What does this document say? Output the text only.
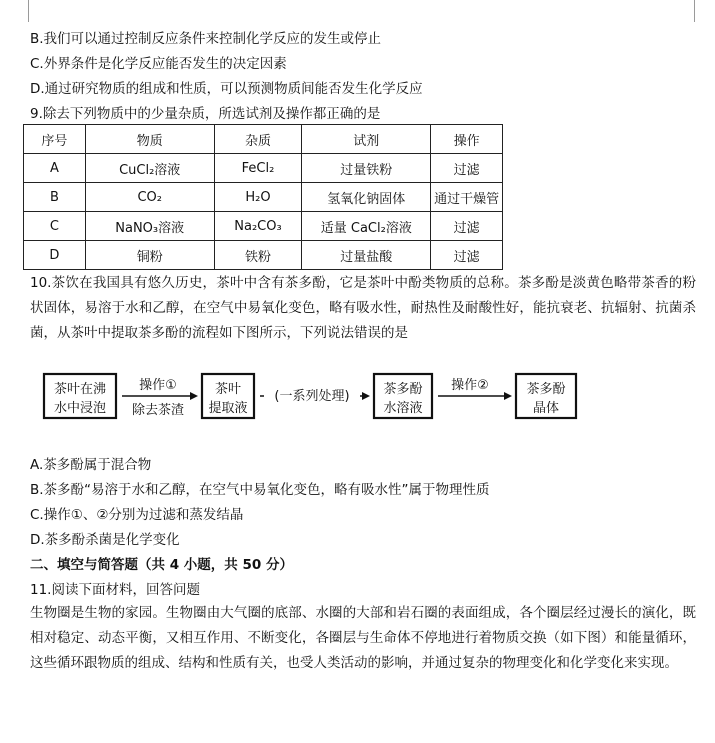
B.我们可以通过控制反应条件来控制化学反应的发生或停止
C.外界条件是化学反应能否发生的决定因素
D.通过研究物质的组成和性质，可以预测物质间能否发生化学反应
9.除去下列物质中的少量杂质，所选试剂及操作都正确的是
序号	物质	杂质	试剂	操作
A	CuCl₂溶液	FeCl₂	过量铁粉	过滤
B	CO₂	H₂O	氢氧化钠固体	通过干燥管
C	NaNO₃溶液	Na₂CO₃	适量 CaCl₂溶液	过滤
D	铜粉	铁粉	过量盐酸	过滤
10.茶饮在我国具有悠久历史，茶叶中含有茶多酚，它是茶叶中酚类物质的总称。茶多酚是淡黄色略带茶香的粉状固体，易溶于水和乙醇，在空气中易氧化变色，略有吸水性，耐热性及耐酸性好，能抗衰老、抗辐射、抗菌杀菌，从茶叶中提取茶多酚的流程如下图所示，下列说法错误的是
茶叶在沸
水中浸泡
操作①
除去茶渣
茶叶
提取液
(一系列处理)	茶多酚
水溶液
操作②	茶多酚
晶体
A.茶多酚属于混合物
B.茶多酚“易溶于水和乙醇，在空气中易氧化变色，略有吸水性”属于物理性质
C.操作①、②分别为过滤和蒸发结晶
D.茶多酚杀菌是化学变化
二、填空与简答题（共 4 小题，共 50 分）
11.阅读下面材料，回答问题
生物圈是生物的家园。生物圈由大气圈的底部、水圈的大部和岩石圈的表面组成，各个圈层经过漫长的演化，既相对稳定、动态平衡，又相互作用、不断变化，各圈层与生命体不停地进行着物质交换（如下图）和能量循环，这些循环跟物质的组成、结构和性质有关，也受人类活动的影响，并通过复杂的物理变化和化学变化来实现。
